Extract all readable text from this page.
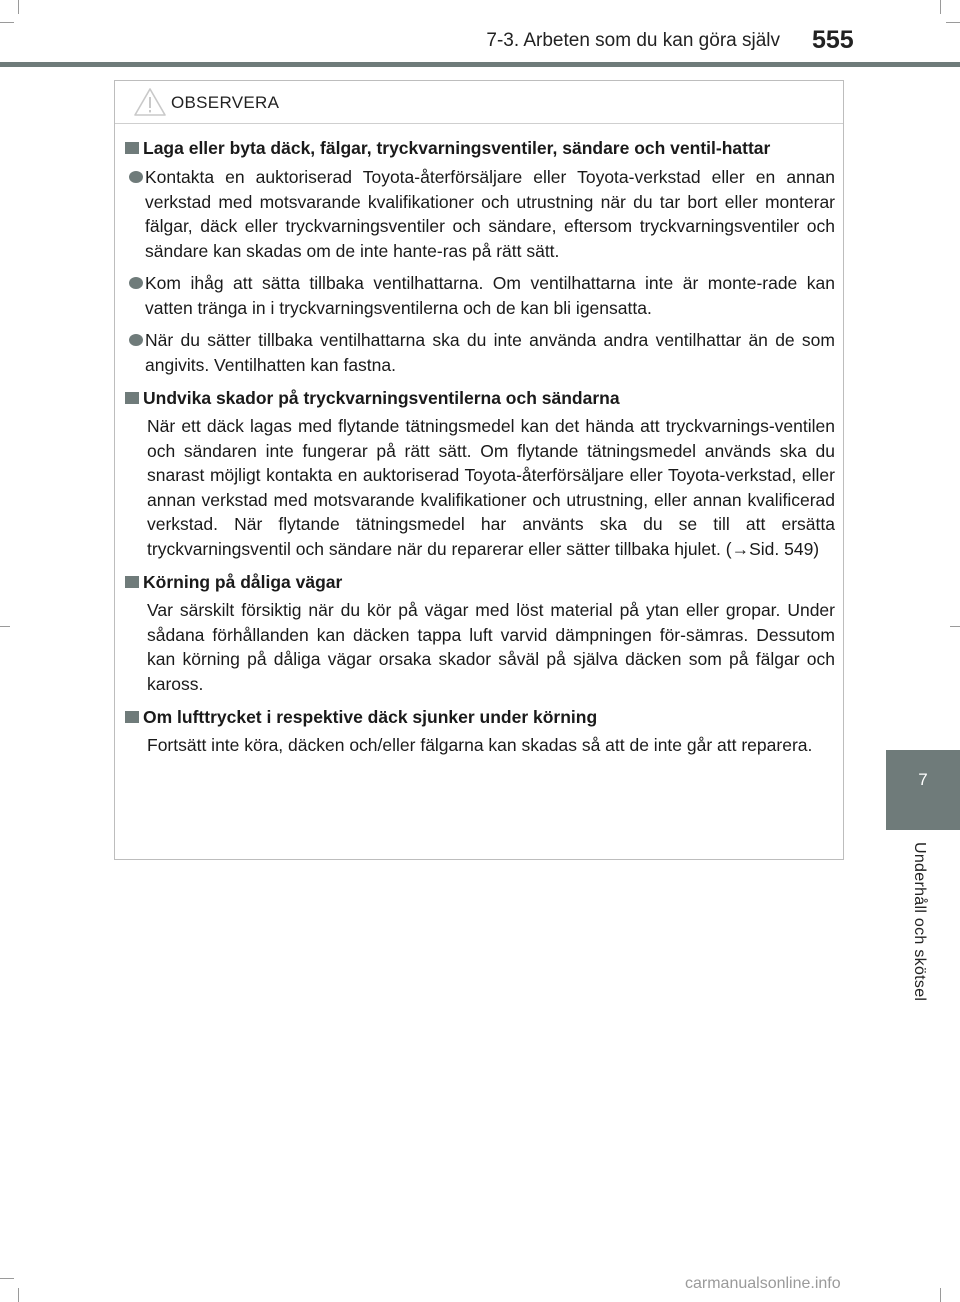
7-3. Arbeten som du kan göra själv 555
7
Underhåll och skötsel
OBSERVERA
Laga eller byta däck, fälgar, tryckvarningsventiler, sändare och ventil-hattar
Kontakta en auktoriserad Toyota-återförsäljare eller Toyota-verkstad eller en annan verkstad med motsvarande kvalifikationer och utrustning när du tar bort eller monterar fälgar, däck eller tryckvarningsventiler och sändare, eftersom tryckvarningsventiler och sändare kan skadas om de inte hante-ras på rätt sätt.
Kom ihåg att sätta tillbaka ventilhattarna. Om ventilhattarna inte är monte-rade kan vatten tränga in i tryckvarningsventilerna och de kan bli igensatta.
När du sätter tillbaka ventilhattarna ska du inte använda andra ventilhattar än de som angivits. Ventilhatten kan fastna.
Undvika skador på tryckvarningsventilerna och sändarna
När ett däck lagas med flytande tätningsmedel kan det hända att tryckvarnings-ventilen och sändaren inte fungerar på rätt sätt. Om flytande tätningsmedel används ska du snarast möjligt kontakta en auktoriserad Toyota-återförsäljare eller Toyota-verkstad, eller annan verkstad med motsvarande kvalifikationer och utrustning, eller annan kvalificerad verkstad. När flytande tätningsmedel har använts ska du se till att ersätta tryckvarningsventil och sändare när du reparerar eller sätter tillbaka hjulet. (→Sid. 549)
Körning på dåliga vägar
Var särskilt försiktig när du kör på vägar med löst material på ytan eller gropar. Under sådana förhållanden kan däcken tappa luft varvid dämpningen för-sämras. Dessutom kan körning på dåliga vägar orsaka skador såväl på själva däcken som på fälgar och kaross.
Om lufttrycket i respektive däck sjunker under körning
Fortsätt inte köra, däcken och/eller fälgarna kan skadas så att de inte går att reparera.
carmanualsonline.info
